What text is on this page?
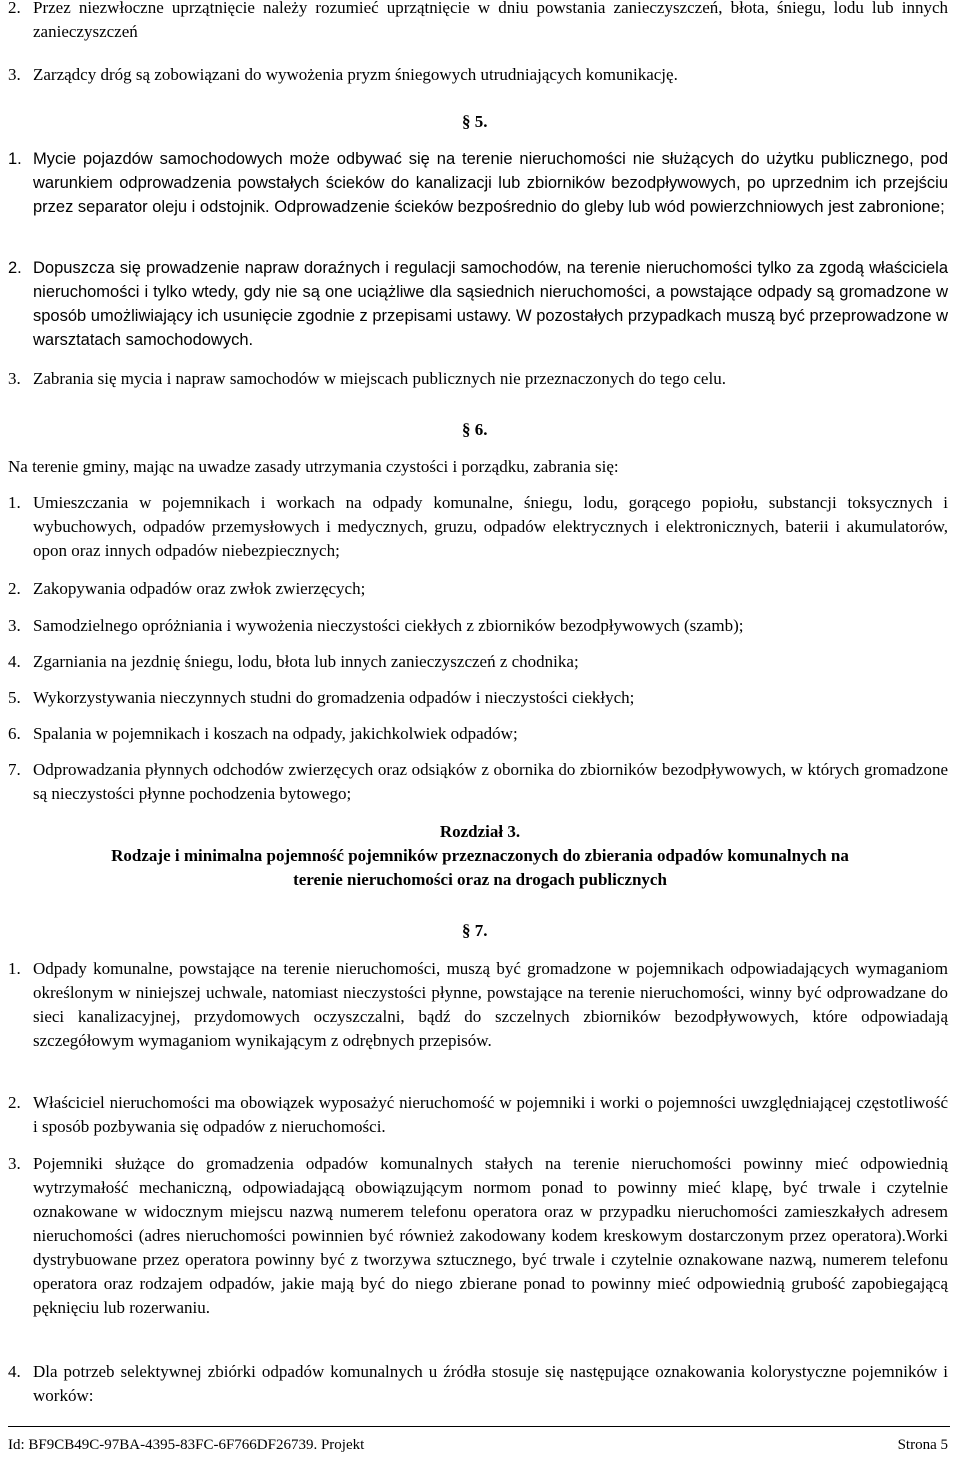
2. Przez niezwłoczne uprzątnięcie należy rozumieć uprzątnięcie w dniu powstania zanieczyszczeń, błota, śniegu, lodu lub innych zanieczyszczeń
3. Zarządcy dróg są zobowiązani do wywożenia pryzm śniegowych utrudniających komunikację.
§ 5.
1. Mycie pojazdów samochodowych może odbywać się na terenie nieruchomości nie służących do użytku publicznego, pod warunkiem odprowadzenia powstałych ścieków do kanalizacji lub zbiorników bezodpływowych, po uprzednim ich przejściu przez separator oleju i odstojnik. Odprowadzenie ścieków bezpośrednio do gleby lub wód powierzchniowych jest zabronione;
2. Dopuszcza się prowadzenie napraw doraźnych i regulacji samochodów, na terenie nieruchomości tylko za zgodą właściciela nieruchomości i tylko wtedy, gdy nie są one uciążliwe dla sąsiednich nieruchomości, a powstające odpady są gromadzone w sposób umożliwiający ich usunięcie zgodnie z przepisami ustawy. W pozostałych przypadkach muszą być przeprowadzone w warsztatach samochodowych.
3. Zabrania się mycia i napraw samochodów w miejscach publicznych nie przeznaczonych do tego celu.
§ 6.
Na terenie gminy, mając na uwadze zasady utrzymania czystości i porządku, zabrania się:
1. Umieszczania w pojemnikach i workach na odpady komunalne, śniegu, lodu, gorącego popiołu, substancji toksycznych i wybuchowych, odpadów przemysłowych i medycznych, gruzu, odpadów elektrycznych i elektronicznych, baterii i akumulatorów, opon oraz innych odpadów niebezpiecznych;
2. Zakopywania odpadów oraz zwłok zwierzęcych;
3. Samodzielnego opróżniania i wywożenia nieczystości ciekłych z zbiorników bezodpływowych (szamb);
4. Zgarniania na jezdnię śniegu, lodu, błota lub innych zanieczyszczeń z chodnika;
5. Wykorzystywania nieczynnych studni do gromadzenia odpadów i nieczystości ciekłych;
6. Spalania w pojemnikach i koszach na odpady, jakichkolwiek odpadów;
7. Odprowadzania płynnych odchodów zwierzęcych oraz odsiąków z obornika do zbiorników bezodpływowych, w których gromadzone są nieczystości płynne pochodzenia bytowego;
Rozdział 3.
Rodzaje i minimalna pojemność pojemników przeznaczonych do zbierania odpadów komunalnych na
terenie nieruchomości oraz na drogach publicznych
§ 7.
1. Odpady komunalne, powstające na terenie nieruchomości, muszą być gromadzone w pojemnikach odpowiadających wymaganiom określonym w niniejszej uchwale, natomiast nieczystości płynne, powstające na terenie nieruchomości, winny być odprowadzane do sieci kanalizacyjnej, przydomowych oczyszczalni, bądź do szczelnych zbiorników bezodpływowych, które odpowiadają szczegółowym wymaganiom wynikającym z odrębnych przepisów.
2. Właściciel nieruchomości ma obowiązek wyposażyć nieruchomość w pojemniki i worki o pojemności uwzględniającej częstotliwość i sposób pozbywania się odpadów z nieruchomości.
3. Pojemniki służące do gromadzenia odpadów komunalnych stałych na terenie nieruchomości powinny mieć odpowiednią wytrzymałość mechaniczną, odpowiadającą obowiązującym normom ponad to powinny mieć klapę, być trwale i czytelnie oznakowane w widocznym miejscu nazwą numerem telefonu operatora oraz w przypadku nieruchomości zamieszkałych adresem nieruchomości (adres nieruchomości powinnien być również zakodowany kodem kreskowym dostarczonym przez operatora).Worki dystrybuowane przez operatora powinny być z tworzywa sztucznego, być trwale i czytelnie oznakowane nazwą, numerem telefonu operatora oraz rodzajem odpadów, jakie mają być do niego zbierane ponad to powinny mieć odpowiednią grubość zapobiegającą pęknięciu lub rozerwaniu.
4. Dla potrzeb selektywnej zbiórki odpadów komunalnych u źródła stosuje się następujące oznakowania kolorystyczne pojemników i worków:
Id: BF9CB49C-97BA-4395-83FC-6F766DF26739. Projekt	Strona 5
